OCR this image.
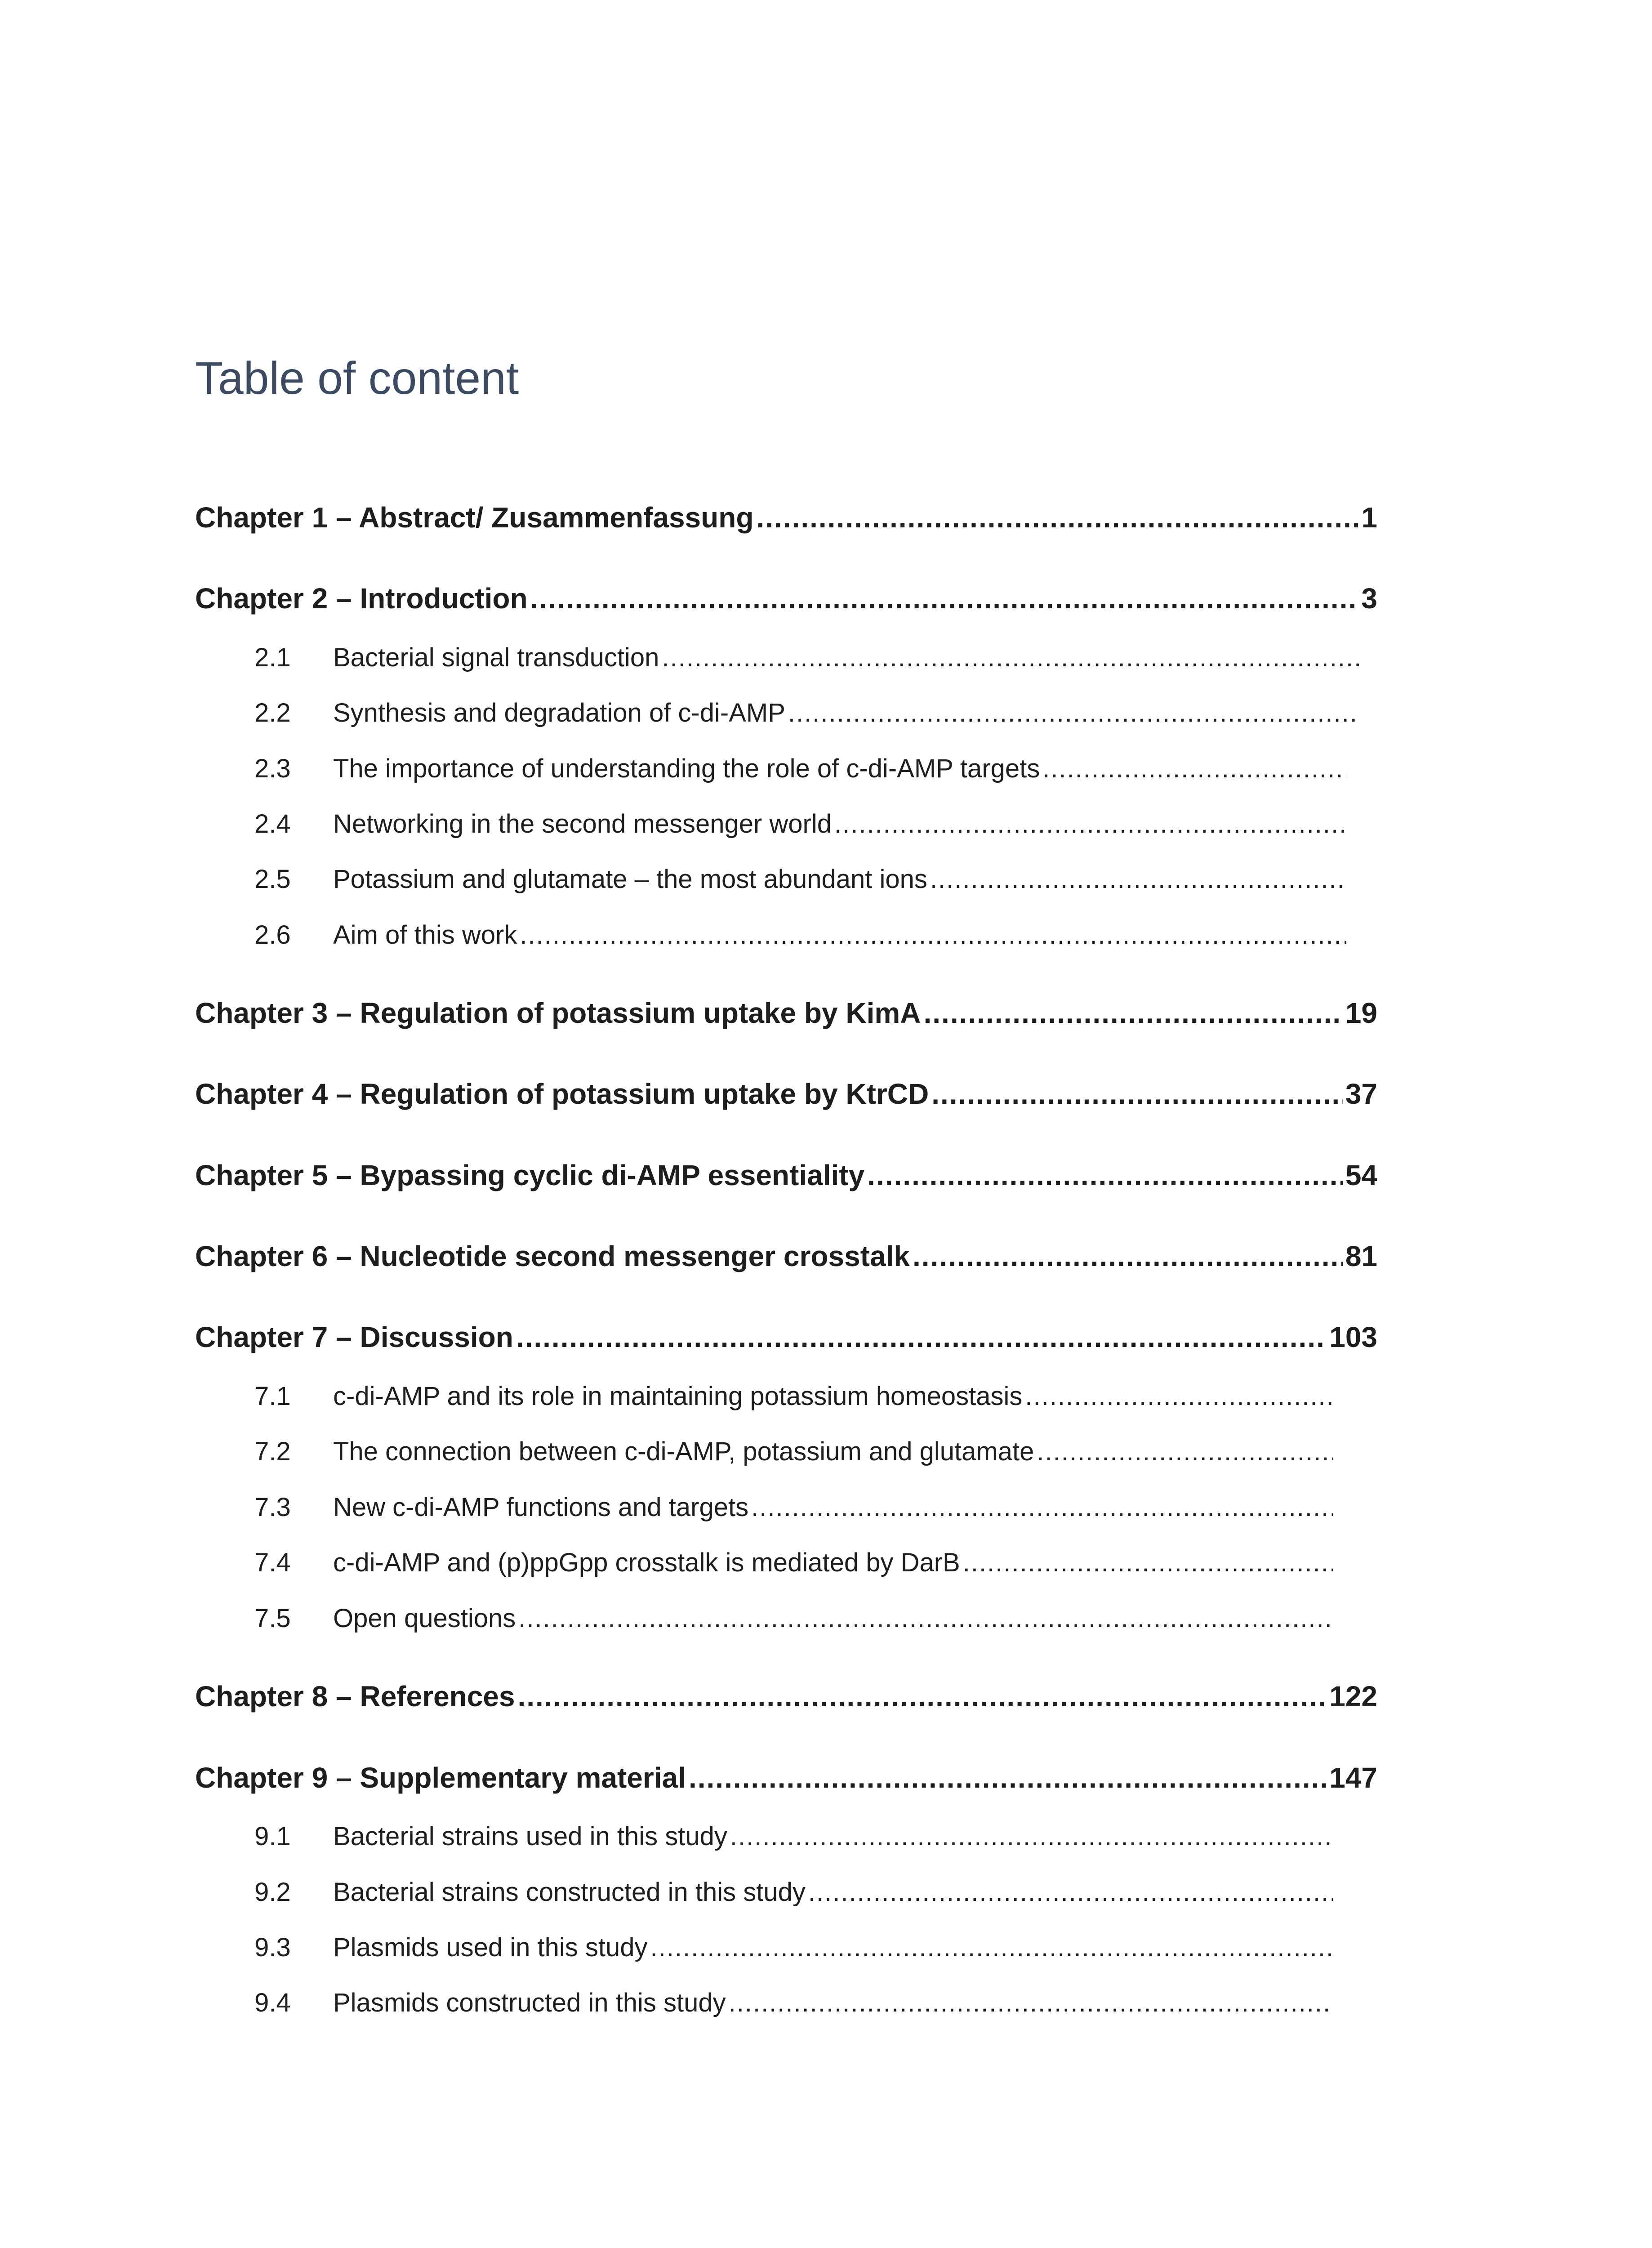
Table of content
Chapter 1 – Abstract/ Zusammenfassung .....	1
Chapter 2 – Introduction .....	3
2.1	Bacterial signal transduction
.....
2.2	Synthesis and degradation of c-di-AMP
.....
2.3	The importance of understanding the role of c-di-AMP targets
.....
2.4	Networking in the second messenger world
.....
2.5	Potassium and glutamate – the most abundant ions
.....
2.6	Aim of this work
.....
Chapter 3 – Regulation of potassium uptake by KimA .....	19
Chapter 4 – Regulation of potassium uptake by KtrCD .....	37
Chapter 5 – Bypassing cyclic di-AMP essentiality .....	54
Chapter 6 – Nucleotide second messenger crosstalk .....	81
Chapter 7 – Discussion .....	103
7.1	c-di-AMP and its role in maintaining potassium homeostasis
.....
7.2	The connection between c-di-AMP, potassium and glutamate
.....
7.3	New c-di-AMP functions and targets
.....
7.4	c-di-AMP and (p)ppGpp crosstalk is mediated by DarB
.....
7.5	Open questions
.....
Chapter 8 – References .....	122
Chapter 9 – Supplementary material .....	147
9.1	Bacterial strains used in this study
.....
9.2	Bacterial strains constructed in this study
.....
9.3	Plasmids used in this study
.....
9.4	Plasmids constructed in this study
.....
